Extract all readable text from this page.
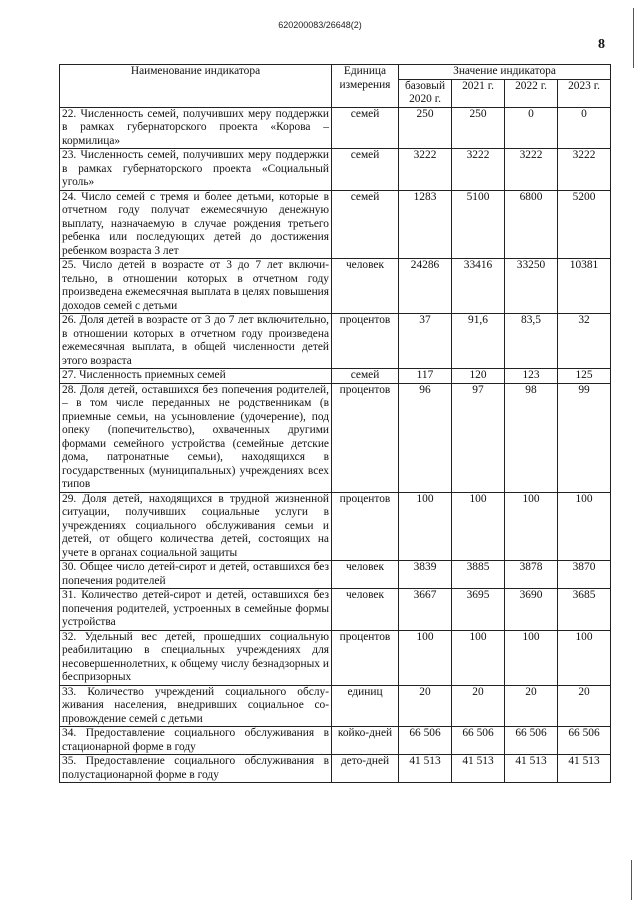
620200083/26648(2)
8
Наименование индикатора	Единица измерения	Значение индикатора			
		базовый 2020 г.	2021 г.	2022 г.	2023 г.
22. Численность семей, получивших меру поддержки в рамках губернаторского проекта «Корова – кормилица»	семей	250	250	0	0
23. Численность семей, получивших меру поддержки в рамках губернаторского проекта «Социальный уголь»	семей	3222	3222	3222	3222
24. Число семей с тремя и более детьми, которые в отчетном году получат ежемесячную денежную выплату, назначаемую в случае рождения третьего ребенка или последующих детей до достижения ребенком возраста 3 лет	семей	1283	5100	6800	5200
25. Число детей в возрасте от 3 до 7 лет включительно, в отношении которых в отчетном году произведена ежемесячная выплата в целях повышения доходов семей с детьми	человек	24286	33416	33250	10381
26. Доля детей в возрасте от 3 до 7 лет включительно, в отношении которых в отчетном году произведена ежемесячная выплата, в общей численности детей этого возраста	процентов	37	91,6	83,5	32
27. Численность приемных семей	семей	117	120	123	125
28. Доля детей, оставшихся без попечения родителей, – в том числе переданных не родственникам (в приемные семьи, на усыновление (удочерение), под опеку (попечительство), охваченных другими формами семейного устройства (семейные детские дома, патронатные семьи), находящихся в государственных (муниципальных) учреждениях всех типов	процентов	96	97	98	99
29. Доля детей, находящихся в трудной жизненной ситуации, получивших социальные услуги в учреждениях социального обслуживания семьи и детей, от общего количества детей, состоящих на учете в органах социальной защиты	процентов	100	100	100	100
30. Общее число детей-сирот и детей, оставшихся без попечения родителей	человек	3839	3885	3878	3870
31. Количество детей-сирот и детей, оставшихся без попечения родителей, устроенных в семейные формы устройства	человек	3667	3695	3690	3685
32. Удельный вес детей, прошедших социальную реабилитацию в специальных учреждениях для несовершеннолетних, к общему числу безнадзорных и беспризорных	процентов	100	100	100	100
33. Количество учреждений социального обслуживания населения, внедривших социальное сопровождение семей с детьми	единиц	20	20	20	20
34. Предоставление социального обслуживания в стационарной форме в году	койко-дней	66 506	66 506	66 506	66 506
35. Предоставление социального обслуживания в полустационарной форме в году	дето-дней	41 513	41 513	41 513	41 513
